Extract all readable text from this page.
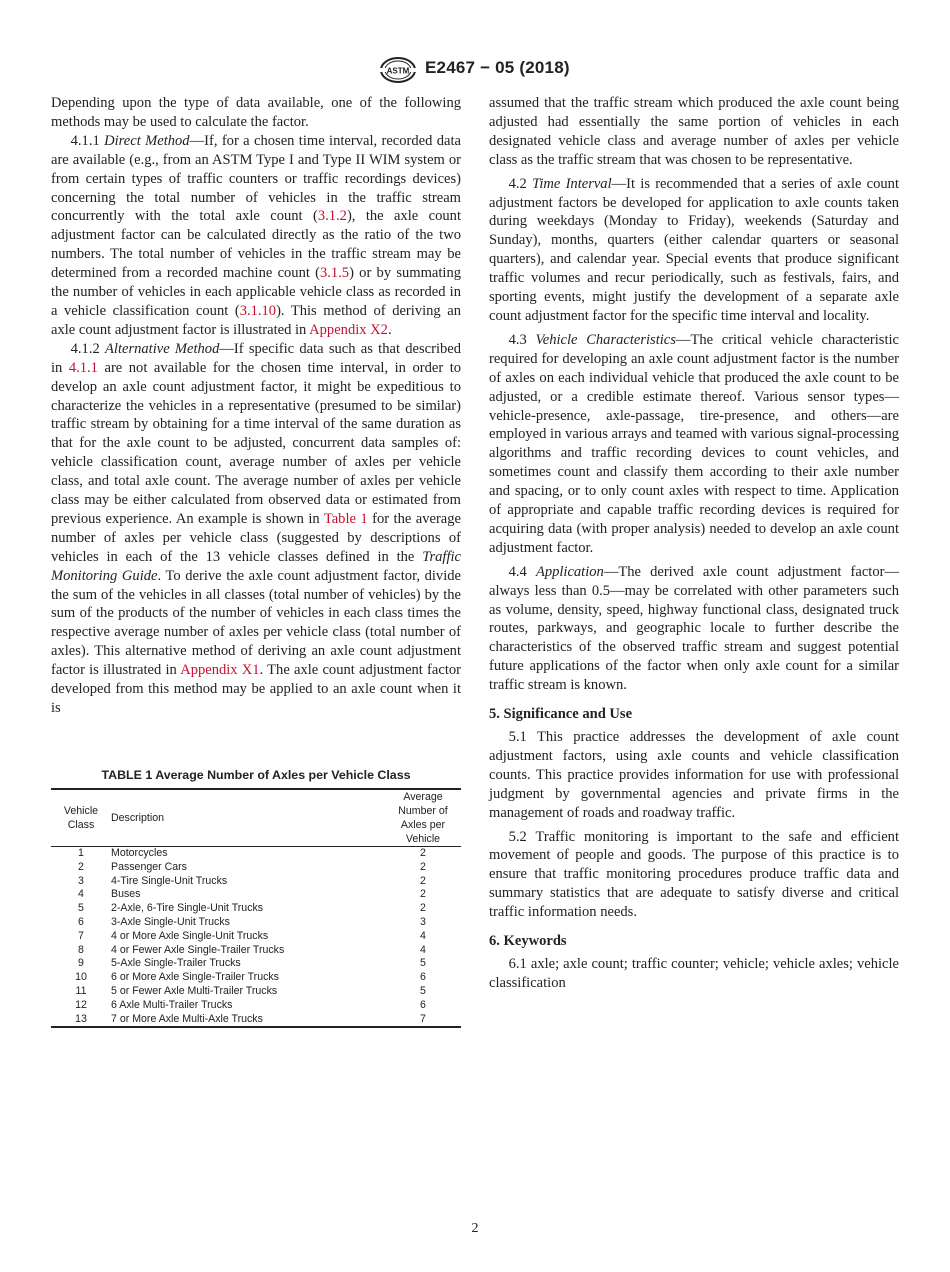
ASTM E2467 − 05 (2018)

Depending upon the type of data available, one of the following methods may be used to calculate the factor.

4.1.1 Direct Method—If, for a chosen time interval, recorded data are available (e.g., from an ASTM Type I and Type II WIM system or from certain types of traffic counters or traffic recordings devices) concerning the total number of vehicles in the traffic stream concurrently with the total axle count (3.1.2), the axle count adjustment factor can be calculated directly as the ratio of the two numbers. The total number of vehicles in the traffic stream may be determined from a recorded machine count (3.1.5) or by summating the number of vehicles in each applicable vehicle class as recorded in a vehicle classification count (3.1.10). This method of deriving an axle count adjustment factor is illustrated in Appendix X2.

4.1.2 Alternative Method—If specific data such as that described in 4.1.1 are not available for the chosen time interval, in order to develop an axle count adjustment factor, it might be expeditious to characterize the vehicles in a representative (presumed to be similar) traffic stream by obtaining for a time interval of the same duration as that for the axle count to be adjusted, concurrent data samples of: vehicle classification count, average number of axles per vehicle class, and total axle count. The average number of axles per vehicle class may be either calculated from observed data or estimated from previous experience. An example is shown in Table 1 for the average number of axles per vehicle class (suggested by descriptions of vehicles in each of the 13 vehicle classes defined in the Traffic Monitoring Guide. To derive the axle count adjustment factor, divide the sum of the vehicles in all classes (total number of vehicles) by the sum of the products of the number of vehicles in each class times the respective average number of axles per vehicle class (total number of axles). This alternative method of deriving an axle count adjustment factor is illustrated in Appendix X1. The axle count adjustment factor developed from this method may be applied to an axle count when it is

TABLE 1 Average Number of Axles per Vehicle Class
Vehicle Class	Description	Average Number of Axles per Vehicle
1	Motorcycles	2
2	Passenger Cars	2
3	4-Tire Single-Unit Trucks	2
4	Buses	2
5	2-Axle, 6-Tire Single-Unit Trucks	2
6	3-Axle Single-Unit Trucks	3
7	4 or More Axle Single-Unit Trucks	4
8	4 or Fewer Axle Single-Trailer Trucks	4
9	5-Axle Single-Trailer Trucks	5
10	6 or More Axle Single-Trailer Trucks	6
11	5 or Fewer Axle Multi-Trailer Trucks	5
12	6 Axle Multi-Trailer Trucks	6
13	7 or More Axle Multi-Axle Trucks	7

assumed that the traffic stream which produced the axle count being adjusted had essentially the same portion of vehicles in each designated vehicle class and average number of axles per vehicle class as the traffic stream that was chosen to be representative.

4.2 Time Interval—It is recommended that a series of axle count adjustment factors be developed for application to axle counts taken during weekdays (Monday to Friday), weekends (Saturday and Sunday), months, quarters (either calendar quarters or seasonal quarters), and calendar year. Special events that produce significant traffic volumes and recur periodically, such as festivals, fairs, and sporting events, might justify the development of a separate axle count adjustment factor for the specific time interval and locality.

4.3 Vehicle Characteristics—The critical vehicle characteristic required for developing an axle count adjustment factor is the number of axles on each individual vehicle that produced the axle count to be adjusted, or a credible estimate thereof. Various sensor types—vehicle-presence, axle-passage, tire-presence, and others—are employed in various arrays and teamed with various signal-processing algorithms and traffic recording devices to count vehicles, and sometimes count and classify them according to their axle number and spacing, or to only count axles with respect to time. Application of appropriate and capable traffic recording devices is required for acquiring data (with proper analysis) needed to develop an axle count adjustment factor.

4.4 Application—The derived axle count adjustment factor—always less than 0.5—may be correlated with other parameters such as volume, density, speed, highway functional class, designated truck routes, parkways, and geographic locale to further describe the characteristics of the observed traffic stream and suggest potential future applications of the factor when only axle count for a similar traffic stream is known.

5. Significance and Use

5.1 This practice addresses the development of axle count adjustment factors, using axle counts and vehicle classification counts. This practice provides information for use with professional judgment by governmental agencies and private firms in the management of roads and roadway traffic.

5.2 Traffic monitoring is important to the safe and efficient movement of people and goods. The purpose of this practice is to ensure that traffic monitoring procedures produce traffic data and summary statistics that are adequate to satisfy diverse and critical traffic information needs.

6. Keywords

6.1 axle; axle count; traffic counter; vehicle; vehicle axles; vehicle classification

2
